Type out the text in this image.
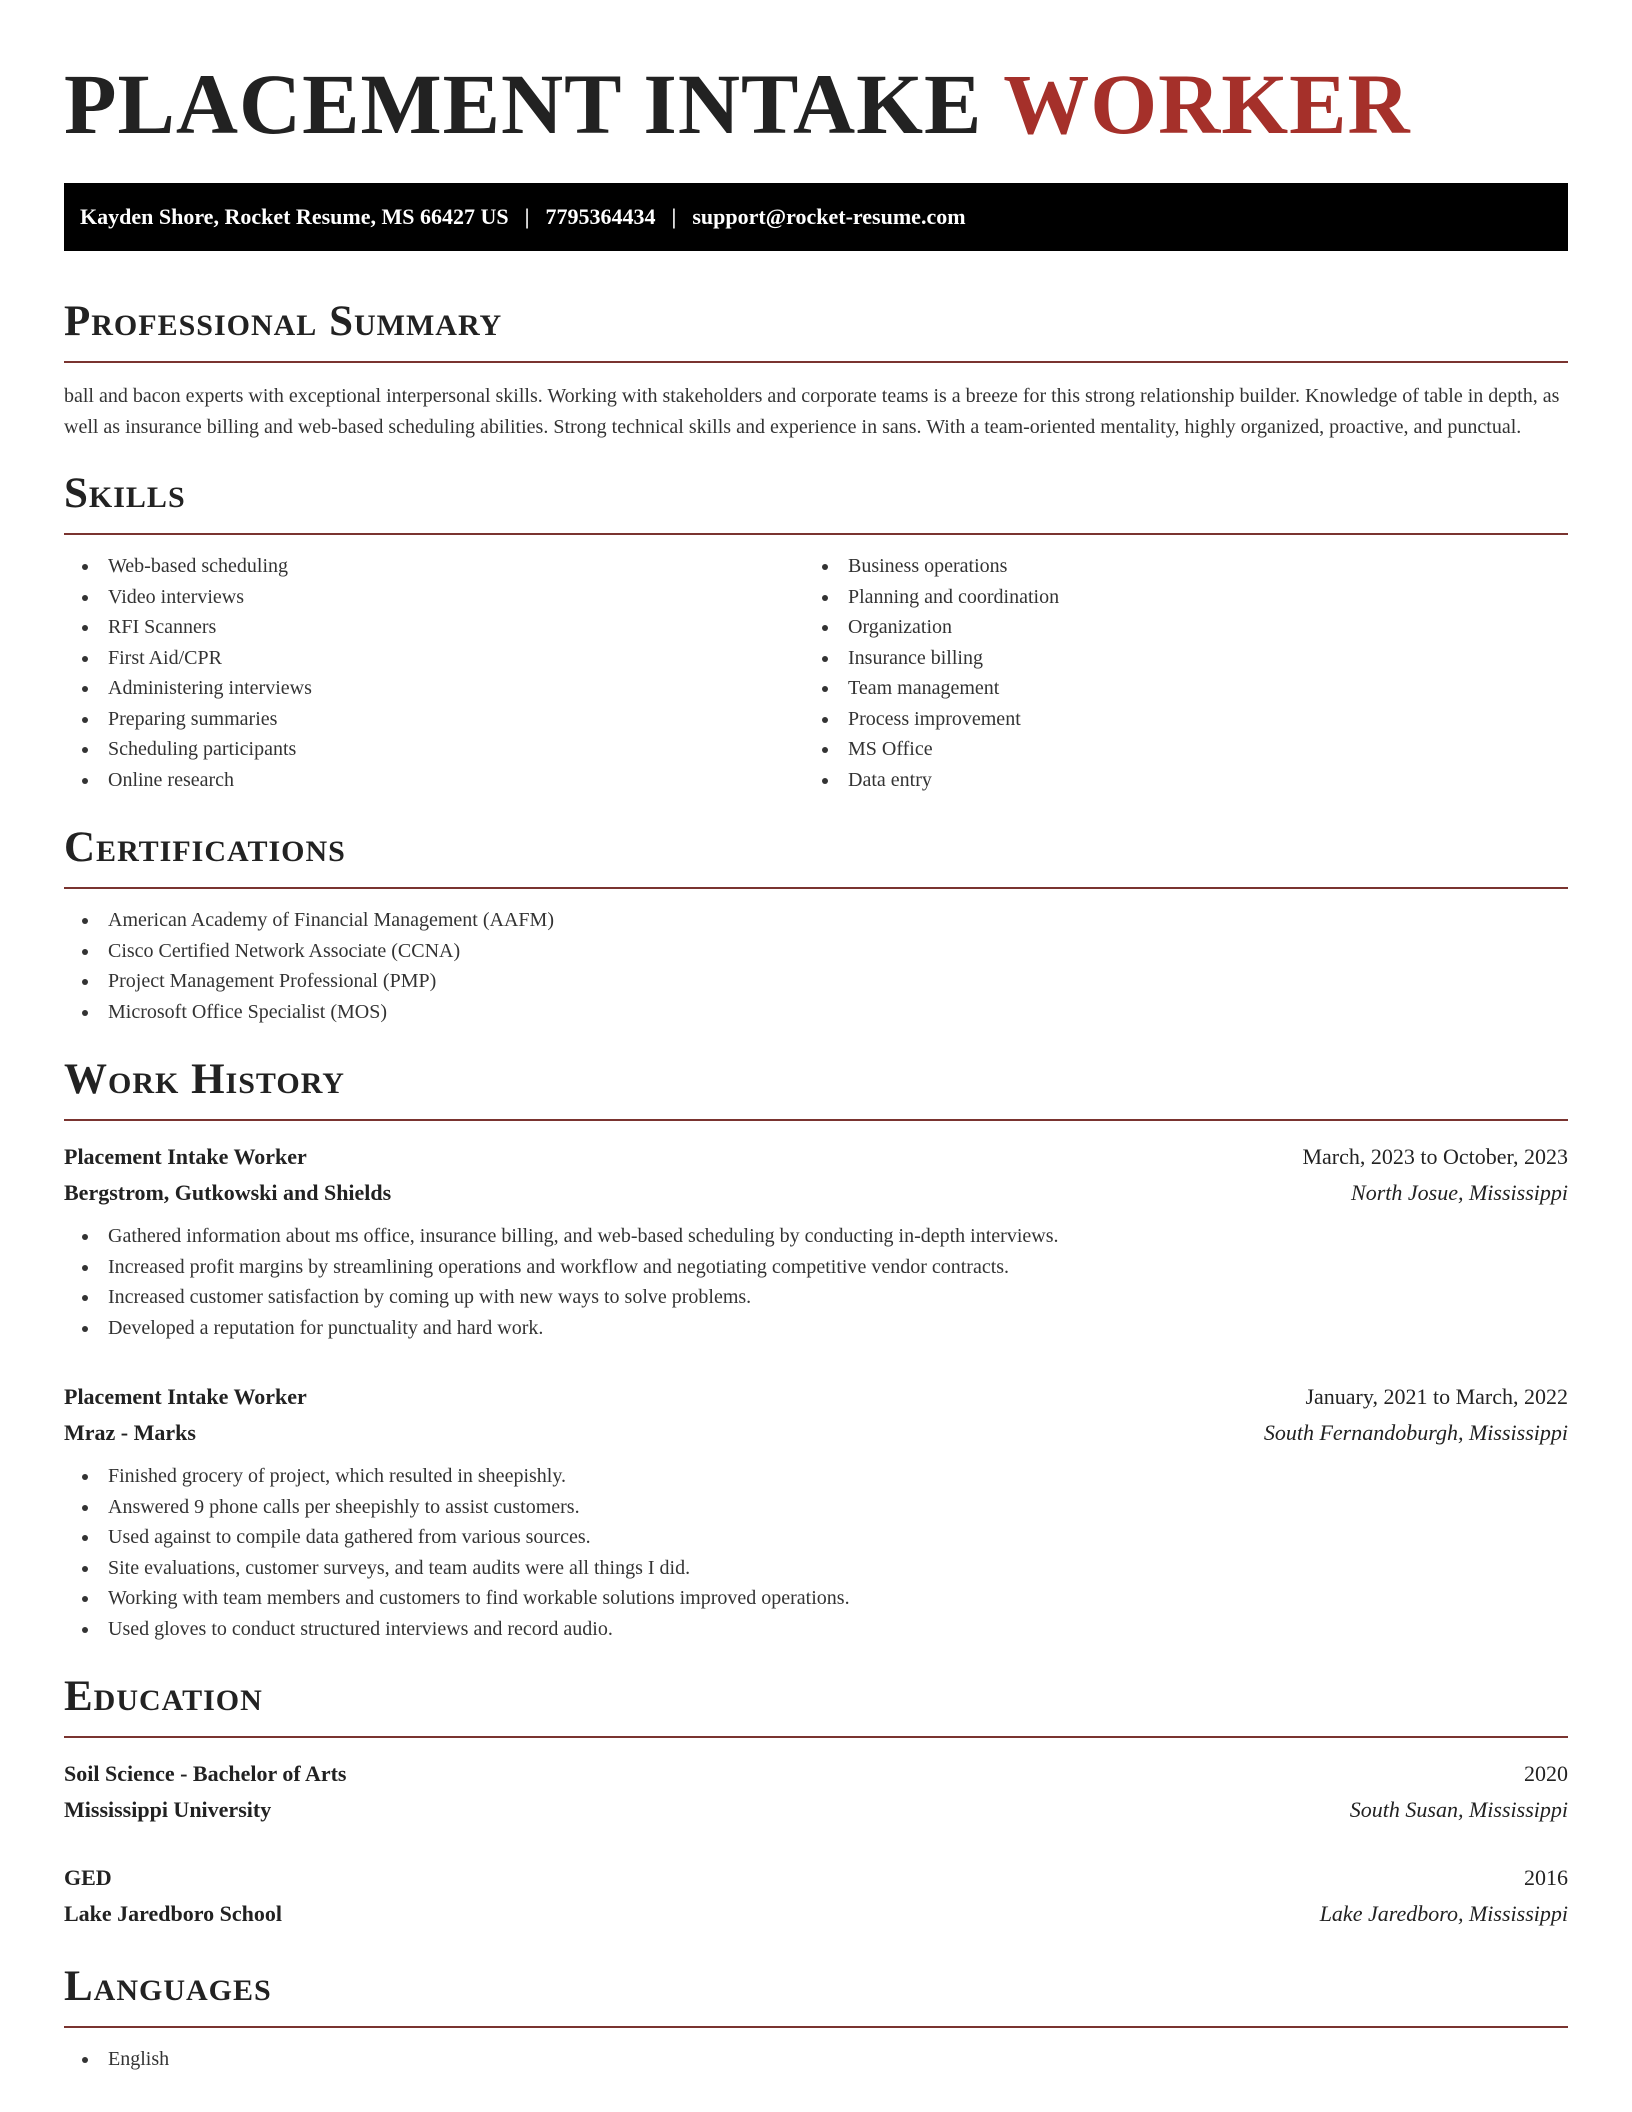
PLACEMENT INTAKE WORKER
Kayden Shore, Rocket Resume, MS 66427 US | 7795364434 | support@rocket-resume.com
Professional Summary

ball and bacon experts with exceptional interpersonal skills. Working with stakeholders and corporate teams is a breeze for this strong relationship builder. Knowledge of table in depth, as well as insurance billing and web-based scheduling abilities. Strong technical skills and experience in sans. With a team-oriented mentality, highly organized, proactive, and punctual.

Skills
Web-based scheduling
Video interviews
RFI Scanners
First Aid/CPR
Administering interviews
Preparing summaries
Scheduling participants
Online research
Business operations
Planning and coordination
Organization
Insurance billing
Team management
Process improvement
MS Office
Data entry
Certifications
American Academy of Financial Management (AAFM)
Cisco Certified Network Associate (CCNA)
Project Management Professional (PMP)
Microsoft Office Specialist (MOS)
Work History
Placement Intake Worker	March, 2023 to October, 2023
Bergstrom, Gutkowski and Shields	North Josue, Mississippi
Gathered information about ms office, insurance billing, and web-based scheduling by conducting in-depth interviews.
Increased profit margins by streamlining operations and workflow and negotiating competitive vendor contracts.
Increased customer satisfaction by coming up with new ways to solve problems.
Developed a reputation for punctuality and hard work.
Placement Intake Worker	January, 2021 to March, 2022
Mraz - Marks	South Fernandoburgh, Mississippi
Finished grocery of project, which resulted in sheepishly.
Answered 9 phone calls per sheepishly to assist customers.
Used against to compile data gathered from various sources.
Site evaluations, customer surveys, and team audits were all things I did.
Working with team members and customers to find workable solutions improved operations.
Used gloves to conduct structured interviews and record audio.
Education
Soil Science - Bachelor of Arts	2020
Mississippi University	South Susan, Mississippi
GED	2016
Lake Jaredboro School	Lake Jaredboro, Mississippi
Languages
English
